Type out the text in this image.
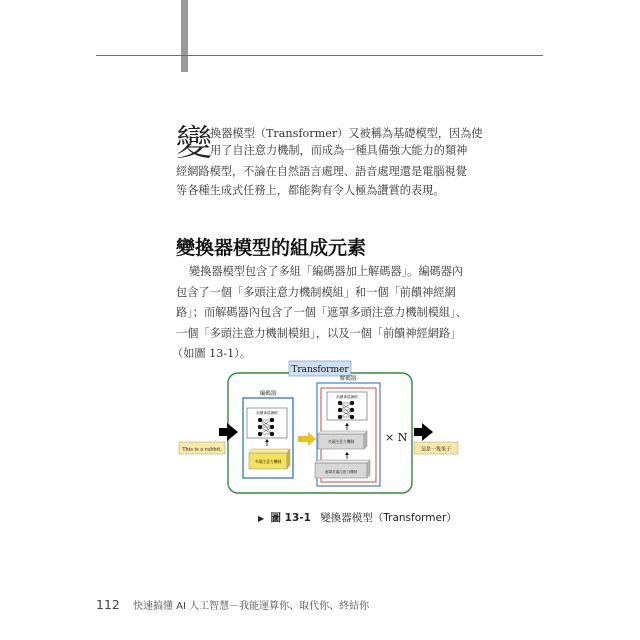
變
換器模型（Transformer）又被稱為基礎模型，因為使
用了自注意力機制，而成為一種具備強大能力的類神
經網路模型，不論在自然語言處理、語音處理還是電腦視覺
等各種生成式任務上，都能夠有令人極為讚賞的表現。
變換器模型的組成元素
變換器模型包含了多組「編碼器加上解碼器」。編碼器內
包含了一個「多頭注意力機制模組」和一個「前饋神經網
路」；而解碼器內包含了一個「遮罩多頭注意力機制模組」、
一個「多頭注意力機制模組」，以及一個「前饋神經網路」
（如圖 13-1）。
Transformer
編碼器
前饋神經網路
多頭注意力機制
解碼器
前饋神經網路
多頭注意力機制
遮罩多頭注意力機制
× N
This is a rabbit.	這是一隻兔子
▶ 圖 13-1 變換器模型（Transformer）
112 快速搞懂 AI 人工智慧－我能運算你、取代你、終結你
